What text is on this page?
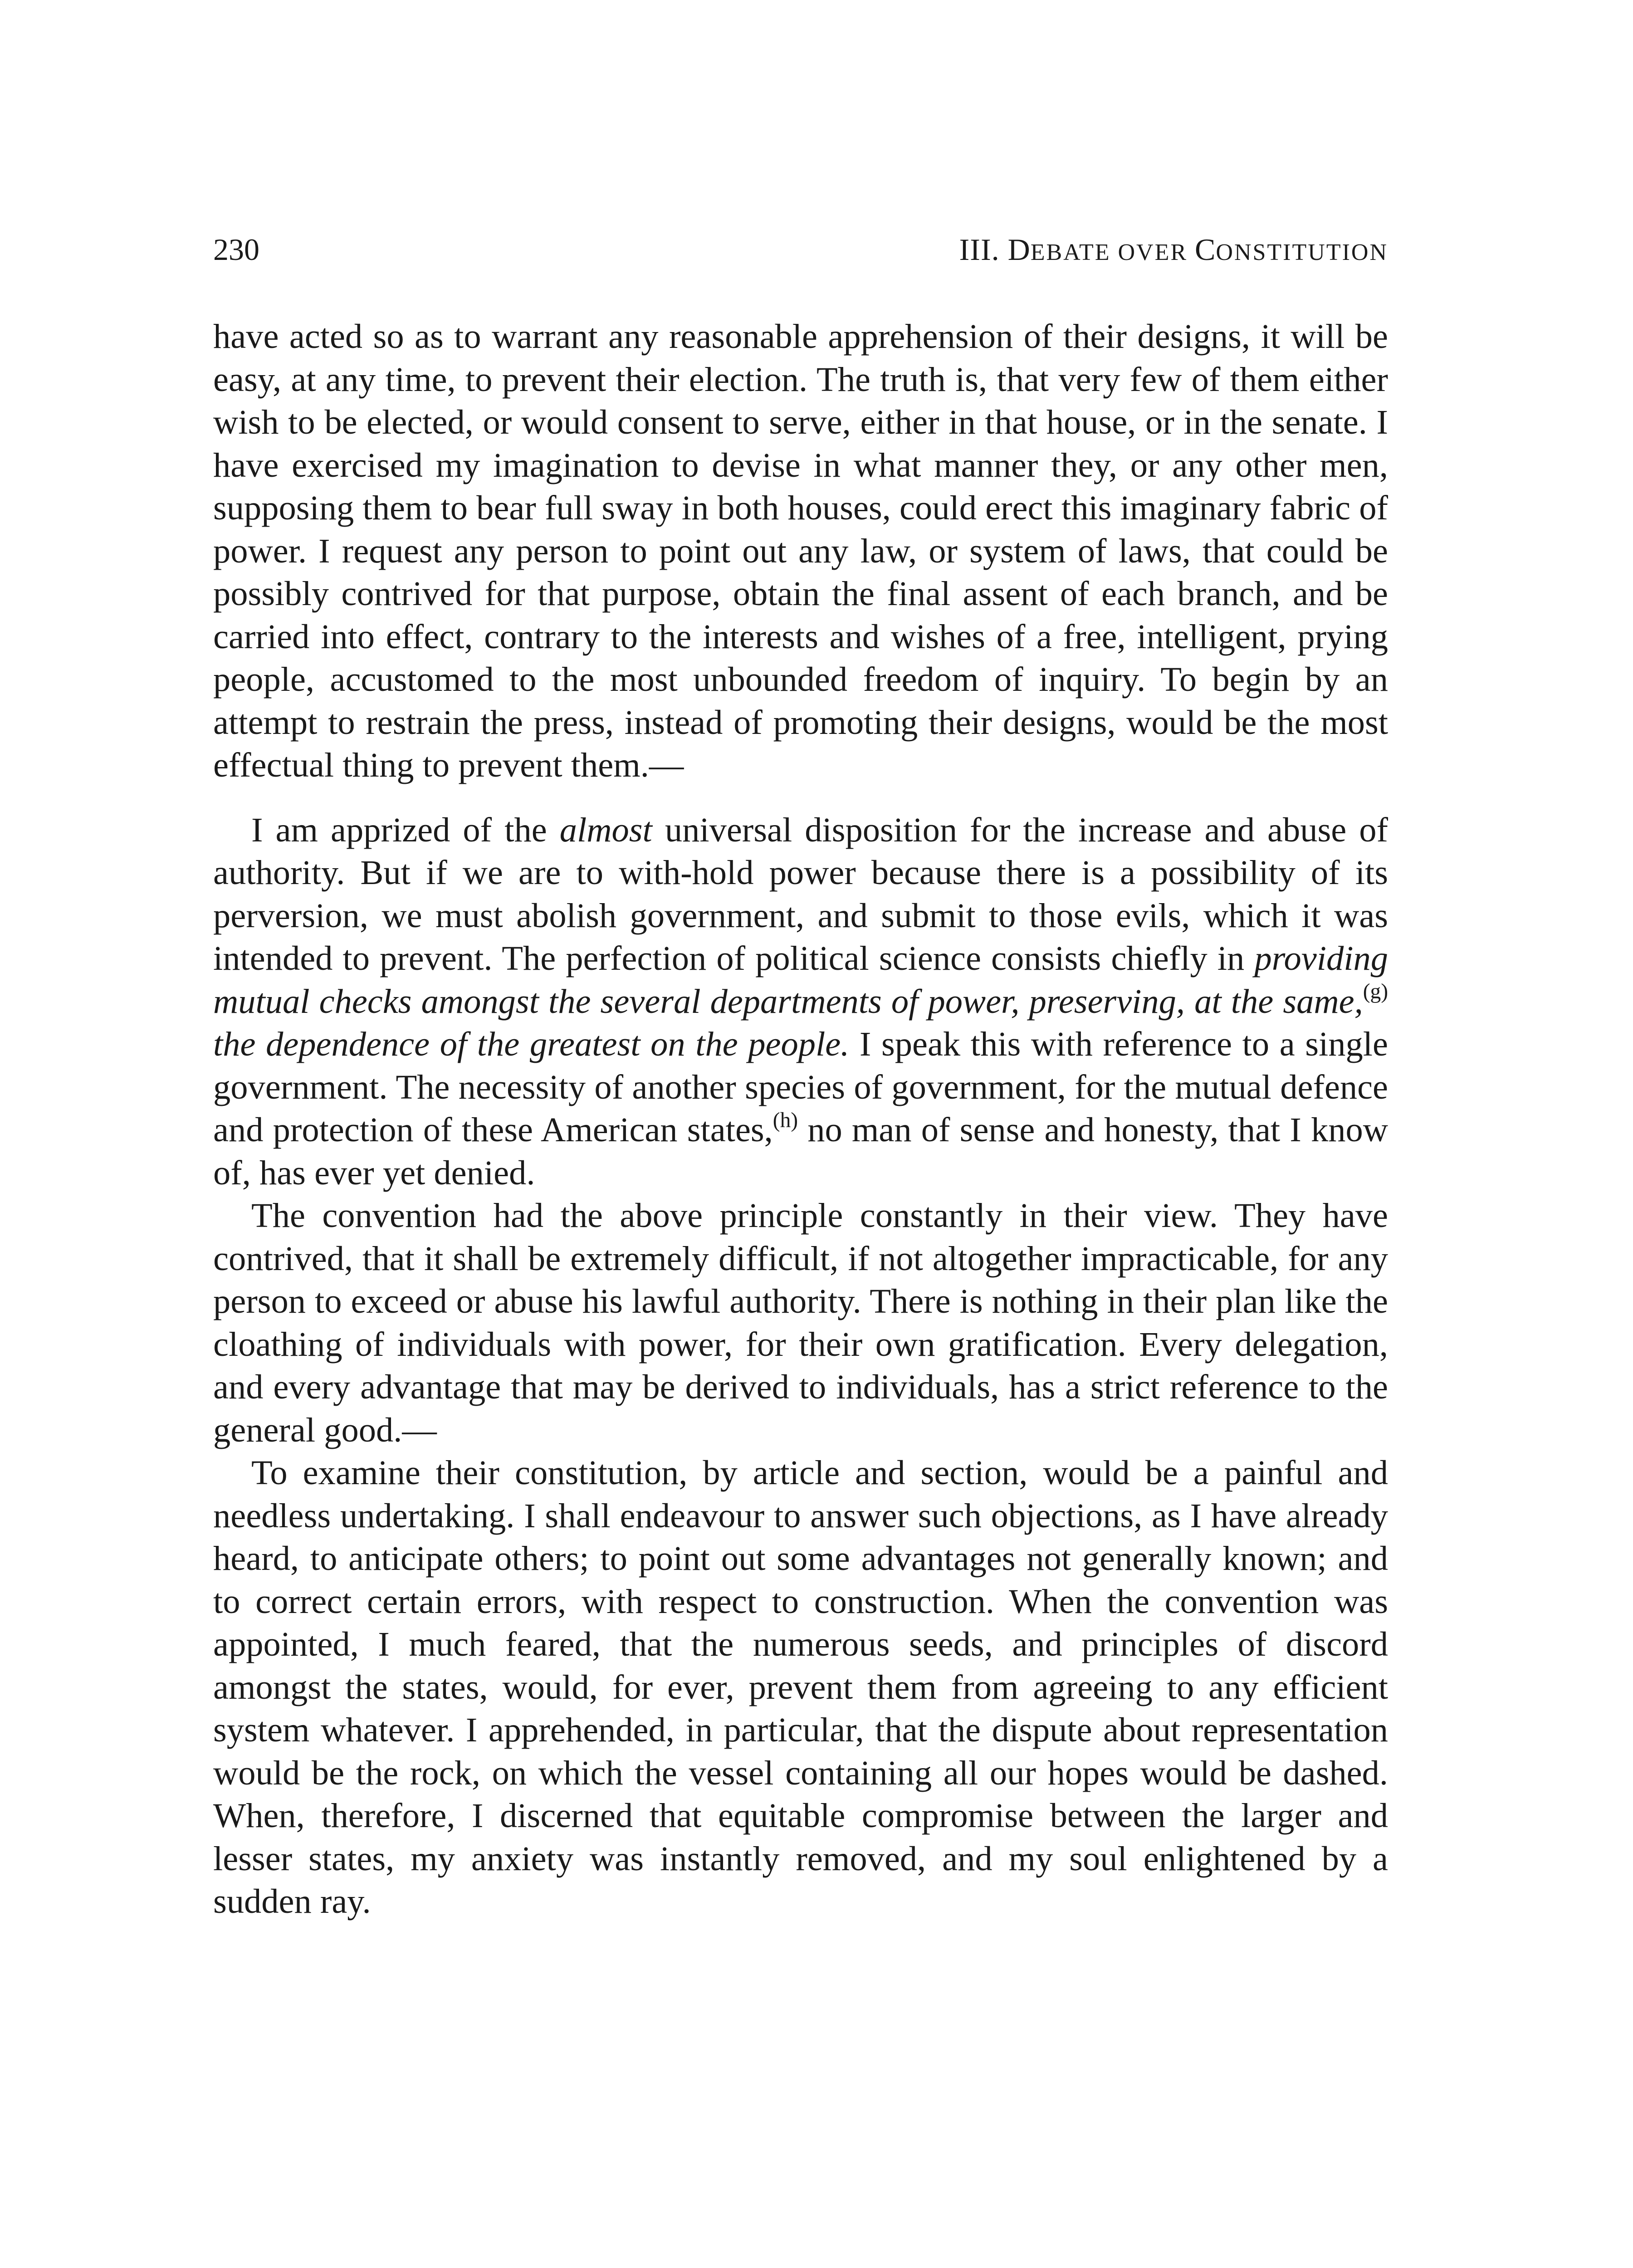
230	III. DEBATE OVER CONSTITUTION

have acted so as to warrant any reasonable apprehension of their designs, it will be easy, at any time, to prevent their election. The truth is, that very few of them either wish to be elected, or would consent to serve, either in that house, or in the senate. I have exercised my imagination to devise in what manner they, or any other men, supposing them to bear full sway in both houses, could erect this imaginary fabric of power. I request any person to point out any law, or system of laws, that could be possibly contrived for that purpose, obtain the final assent of each branch, and be carried into effect, contrary to the interests and wishes of a free, intelligent, prying people, accustomed to the most unbounded freedom of inquiry. To begin by an attempt to restrain the press, instead of promoting their designs, would be the most effectual thing to prevent them.—

I am apprized of the almost universal disposition for the increase and abuse of authority. But if we are to with-hold power because there is a possibility of its perversion, we must abolish government, and submit to those evils, which it was intended to prevent. The perfection of political science consists chiefly in providing mutual checks amongst the several departments of power, preserving, at the same,$^{(g)}$ the dependence of the greatest on the people. I speak this with reference to a single government. The necessity of another species of government, for the mutual defence and protection of these American states,$^{(h)}$ no man of sense and honesty, that I know of, has ever yet denied.

The convention had the above principle constantly in their view. They have contrived, that it shall be extremely difficult, if not altogether impracticable, for any person to exceed or abuse his lawful authority. There is nothing in their plan like the cloathing of individuals with power, for their own gratification. Every delegation, and every advantage that may be derived to individuals, has a strict reference to the general good.—

To examine their constitution, by article and section, would be a painful and needless undertaking. I shall endeavour to answer such objections, as I have already heard, to anticipate others; to point out some advantages not generally known; and to correct certain errors, with respect to construction. When the convention was appointed, I much feared, that the numerous seeds, and principles of discord amongst the states, would, for ever, prevent them from agreeing to any efficient system whatever. I apprehended, in particular, that the dispute about representation would be the rock, on which the vessel containing all our hopes would be dashed. When, therefore, I discerned that equitable compromise between the larger and lesser states, my anxiety was instantly removed, and my soul enlightened by a sudden ray.
